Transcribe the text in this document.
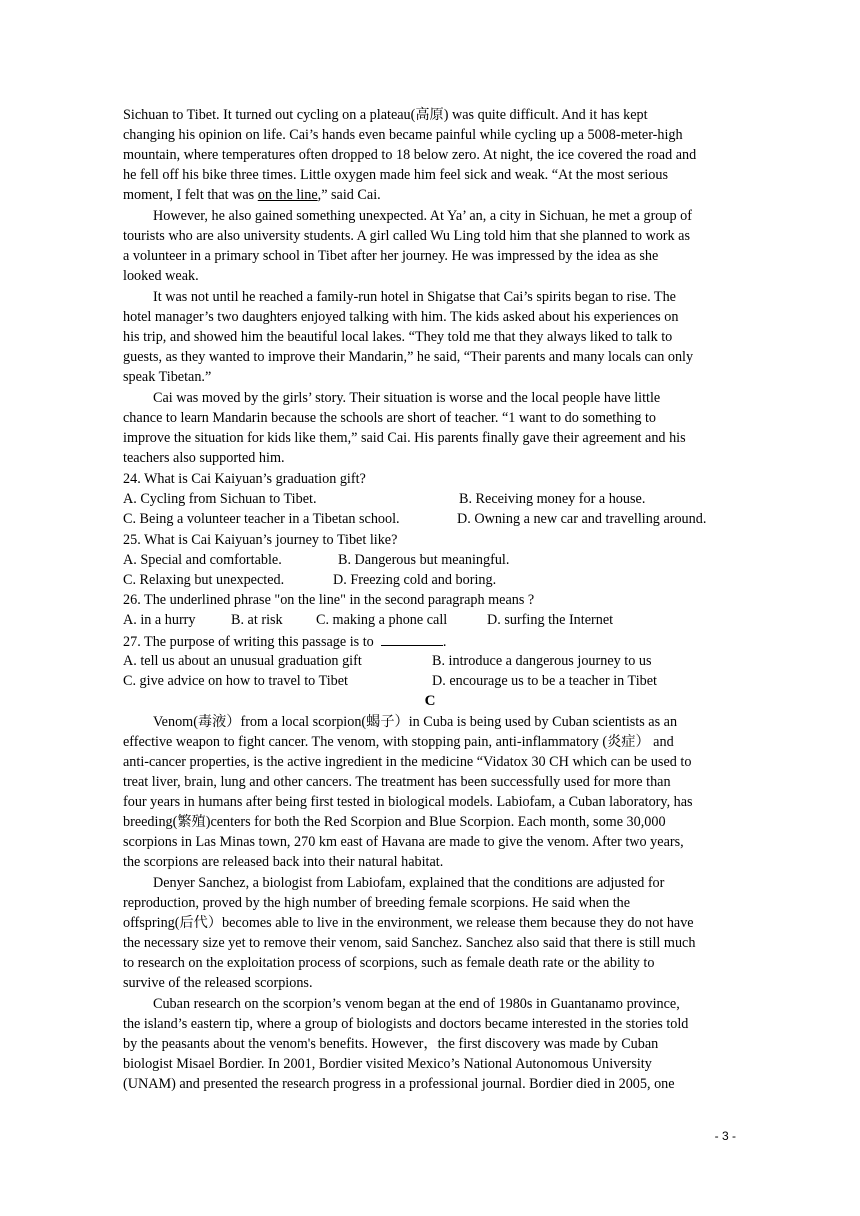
Sichuan to Tibet. It turned out cycling on a plateau(高原) was quite difficult. And it has kept
changing his opinion on life. Cai’s hands even became painful while cycling up a 5008-meter-high
mountain, where temperatures often dropped to 18 below zero. At night, the ice covered the road and
he fell off his bike three times. Little oxygen made him feel sick and weak. “At the most serious
moment, I felt that was on the line,” said Cai.
However, he also gained something unexpected. At Ya’ an, a city in Sichuan, he met a group of
tourists who are also university students. A girl called Wu Ling told him that she planned to work as
a volunteer in a primary school in Tibet after her journey. He was impressed by the idea as she
looked weak.
It was not until he reached a family-run hotel in Shigatse that Cai’s spirits began to rise. The
hotel manager’s two daughters enjoyed talking with him. The kids asked about his experiences on
his trip, and showed him the beautiful local lakes. “They told me that they always liked to talk to
guests, as they wanted to improve their Mandarin,” he said, “Their parents and many locals can only
speak Tibetan.”
Cai was moved by the girls’ story. Their situation is worse and the local people have little
chance to learn Mandarin because the schools are short of teacher. “1 want to do something to
improve the situation for kids like them,” said Cai. His parents finally gave their agreement and his
teachers also supported him.
24. What is Cai Kaiyuan’s graduation gift?
A. Cycling from Sichuan to Tibet.	B. Receiving money for a house.
C. Being a volunteer teacher in a Tibetan school.	D. Owning a new car and travelling around.
25. What is Cai Kaiyuan’s journey to Tibet like?
A. Special and comfortable.	B. Dangerous but meaningful.
C. Relaxing but unexpected.	D. Freezing cold and boring.
26. The underlined phrase "on the line" in the second paragraph means ?
A. in a hurry	B. at risk C. making a phone call	D. surfing the Internet
27. The purpose of writing this passage is to	.
A. tell us about an unusual graduation gift	B. introduce a dangerous journey to us
C. give advice on how to travel to Tibet	D. encourage us to be a teacher in Tibet
C
Venom(毒液）from a local scorpion(蝎子）in Cuba is being used by Cuban scientists as an
effective weapon to fight cancer. The venom, with stopping pain, anti-inflammatory (炎症） and
anti-cancer properties, is the active ingredient in the medicine “Vidatox 30 CH which can be used to
treat liver, brain, lung and other cancers. The treatment has been successfully used for more than
four years in humans after being first tested in biological models. Labiofam, a Cuban laboratory, has
breeding(繁殖)centers for both the Red Scorpion and Blue Scorpion. Each month, some 30,000
scorpions in Las Minas town, 270 km east of Havana are made to give the venom. After two years,
the scorpions are released back into their natural habitat.
Denyer Sanchez, a biologist from Labiofam, explained that the conditions are adjusted for
reproduction, proved by the high number of breeding female scorpions. He said when the
offspring(后代）becomes able to live in the environment, we release them because they do not have
the necessary size yet to remove their venom, said Sanchez. Sanchez also said that there is still much
to research on the exploitation process of scorpions, such as female death rate or the ability to
survive of the released scorpions.
Cuban research on the scorpion’s venom began at the end of 1980s in Guantanamo province,
the island’s eastern tip, where a group of biologists and doctors became interested in the stories told
by the peasants about the venom's benefits. However，the first discovery was made by Cuban
biologist Misael Bordier. In 2001, Bordier visited Mexico’s National Autonomous University
(UNAM) and presented the research progress in a professional journal. Bordier died in 2005, one
- 3 -
